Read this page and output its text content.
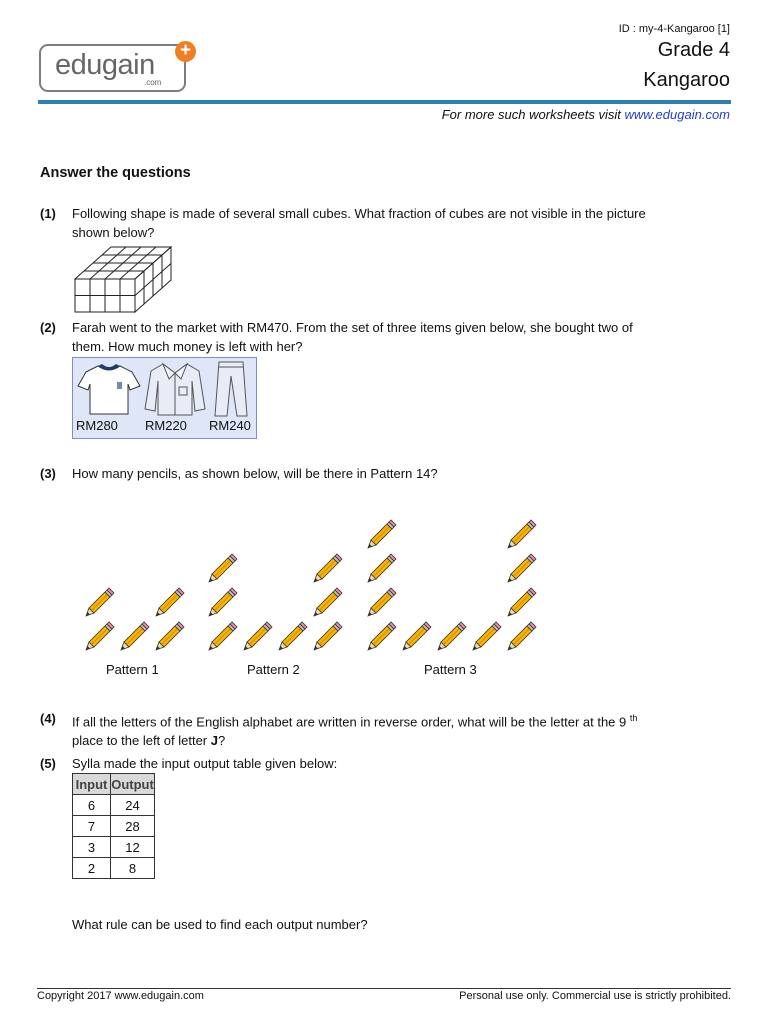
ID : my-4-Kangaroo [1]
Grade 4
Kangaroo
edugain
.com
+
For more such worksheets visit www.edugain.com
Answer the questions
(1) Following shape is made of several small cubes. What fraction of cubes are not visible in the picture
shown below?
(2) Farah went to the market with RM470. From the set of three items given below, she bought two of
them. How much money is left with her?
RM280 RM220 RM240
(3) How many pencils, as shown below, will be there in Pattern 14?
Pattern 1	Pattern 2	Pattern 3
(4) If all the letters of the English alphabet are written in reverse order, what will be the letter at the 9 $^{th}$
place to the left of letter J?
(5) Sylla made the input output table given below:
Input	Output
6	24
7	28
3	12
2	8
What rule can be used to find each output number?
Copyright 2017 www.edugain.com	Personal use only. Commercial use is strictly prohibited.
